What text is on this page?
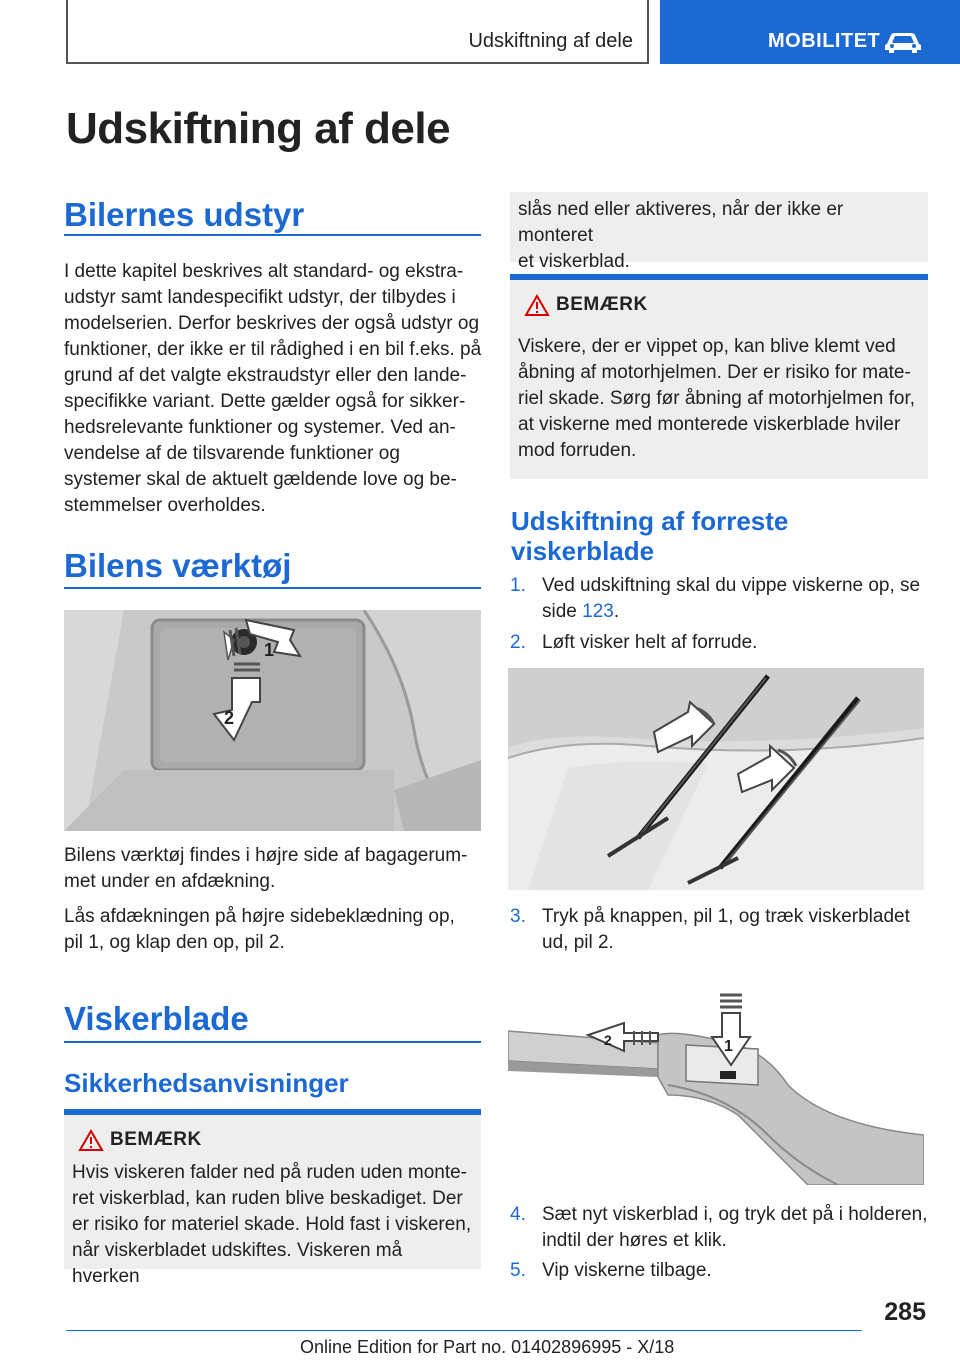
Udskiftning af dele	MOBILITET
Udskiftning af dele
Bilernes udstyr
I dette kapitel beskrives alt standard- og ekstra-
udstyr samt landespecifikt udstyr, der tilbydes i
modelserien. Derfor beskrives der også udstyr og
funktioner, der ikke er til rådighed i en bil f.eks. på
grund af det valgte ekstraudstyr eller den lande-
specifikke variant. Dette gælder også for sikker-
hedsrelevante funktioner og systemer. Ved an-
vendelse af de tilsvarende funktioner og
systemer skal de aktuelt gældende love og be-
stemmelser overholdes.
Bilens værktøj
1
2
Bilens værktøj findes i højre side af bagagerum-
met under en afdækning.
Lås afdækningen på højre sidebeklædning op,
pil 1, og klap den op, pil 2.
Viskerblade
Sikkerhedsanvisninger
BEMÆRK
Hvis viskeren falder ned på ruden uden monte-
ret viskerblad, kan ruden blive beskadiget. Der
er risiko for materiel skade. Hold fast i viskeren,
når viskerbladet udskiftes. Viskeren må hverken
slås ned eller aktiveres, når der ikke er monteret
et viskerblad.
BEMÆRK
Viskere, der er vippet op, kan blive klemt ved
åbning af motorhjelmen. Der er risiko for mate-
riel skade. Sørg før åbning af motorhjelmen for,
at viskerne med monterede viskerblade hviler
mod forruden.
Udskiftning af forreste
viskerblade
1. Ved udskiftning skal du vippe viskerne op, se
side 123.
2. Løft visker helt af forrude.
3. Tryk på knappen, pil 1, og træk viskerbladet
ud, pil 2.
1
2
4. Sæt nyt viskerblad i, og tryk det på i holderen,
indtil der høres et klik.
5. Vip viskerne tilbage.
285
Online Edition for Part no. 01402896995 - X/18
